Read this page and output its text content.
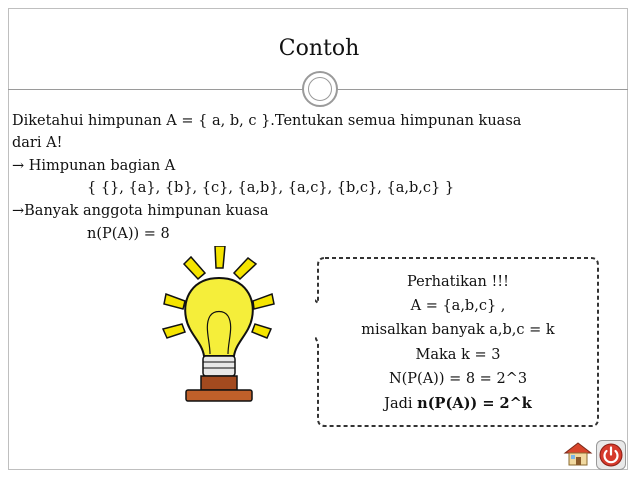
Contoh
Diketahui himpunan A = { a, b, c }.Tentukan semua himpunan kuasa
dari A!
→ Himpunan bagian A
{ {}, {a}, {b}, {c}, {a,b}, {a,c}, {b,c}, {a,b,c} }
→Banyak anggota himpunan kuasa
n(P(A)) = 8
Perhatikan !!!
A = {a,b,c} ,
misalkan banyak a,b,c = k
Maka k = 3
N(P(A)) = 8 = 2^3
Jadi n(P(A)) = 2^k
